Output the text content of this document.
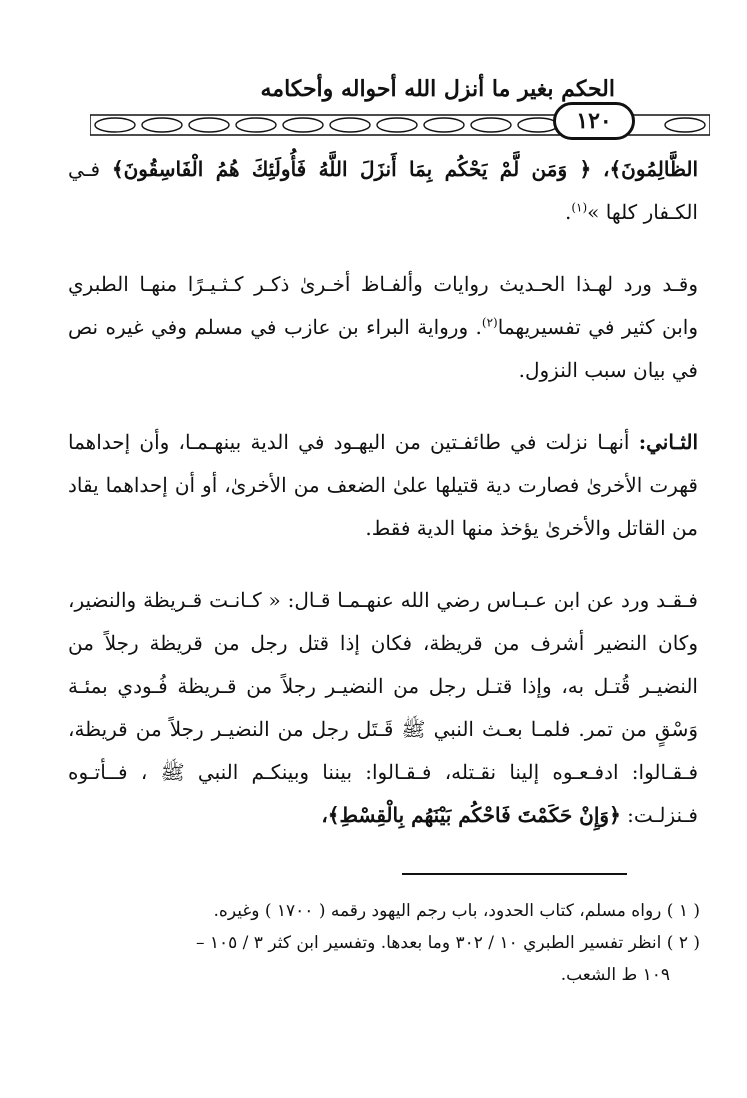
الحكم بغير ما أنزل الله أحواله وأحكامه
١٢٠

الظَّالِمُونَ﴾، ﴿ وَمَن لَّمْ يَحْكُم بِمَا أَنزَلَ اللَّهُ فَأُولَئِكَ هُمُ الْفَاسِقُونَ﴾ فـي الكـفار كلها »$^{(١)}$.

وقـد ورد لهـذا الحـديث روايات وألفـاظ أخـرىٰ ذكـر كـثـيـرًا منهـا الطبري وابن كثير في تفسيريهما$^{(٢)}$. ورواية البراء بن عازب في مسلم وفي غيره نص في بيان سبب النزول.

الثـاني: أنهـا نزلت في طائفـتين من اليهـود في الدية بينهـمـا، وأن إحداهما قهرت الأخرىٰ فصارت دية قتيلها علىٰ الضعف من الأخرىٰ، أو أن إحداهما يقاد من القاتل والأخرىٰ يؤخذ منها الدية فقط.

فـقـد ورد عن ابن عـبـاس رضي الله عنهـمـا قـال: « كـانـت قـريظة والنضير، وكان النضير أشرف من قريظة، فكان إذا قتل رجل من قريظة رجلاً من النضيـر قُتـل به، وإذا قتـل رجل من النضيـر رجلاً من قـريظة فُـودي بمئـة وَسْقٍ من تمر. فلمـا بعـث النبي ﷺ قَـتَل رجل من النضيـر رجلاً من قريظة، فـقـالوا: ادفـعـوه إلينا نقـتله، فـقـالوا: بيننا وبينكـم النبي ﷺ ، فــأتـوه فـنزلـت: ﴿وَإِنْ حَكَمْتَ فَاحْكُم بَيْنَهُم بِالْقِسْطِ﴾،

( ١ ) رواه مسلم، كتاب الحدود، باب رجم اليهود رقمه ( ١٧٠٠ ) وغيره.

( ٢ ) انظر تفسير الطبري ١٠ / ٣٠٢ وما بعدها. وتفسير ابن كثر ٣ / ١٠٥ –

١٠٩ ط الشعب.
